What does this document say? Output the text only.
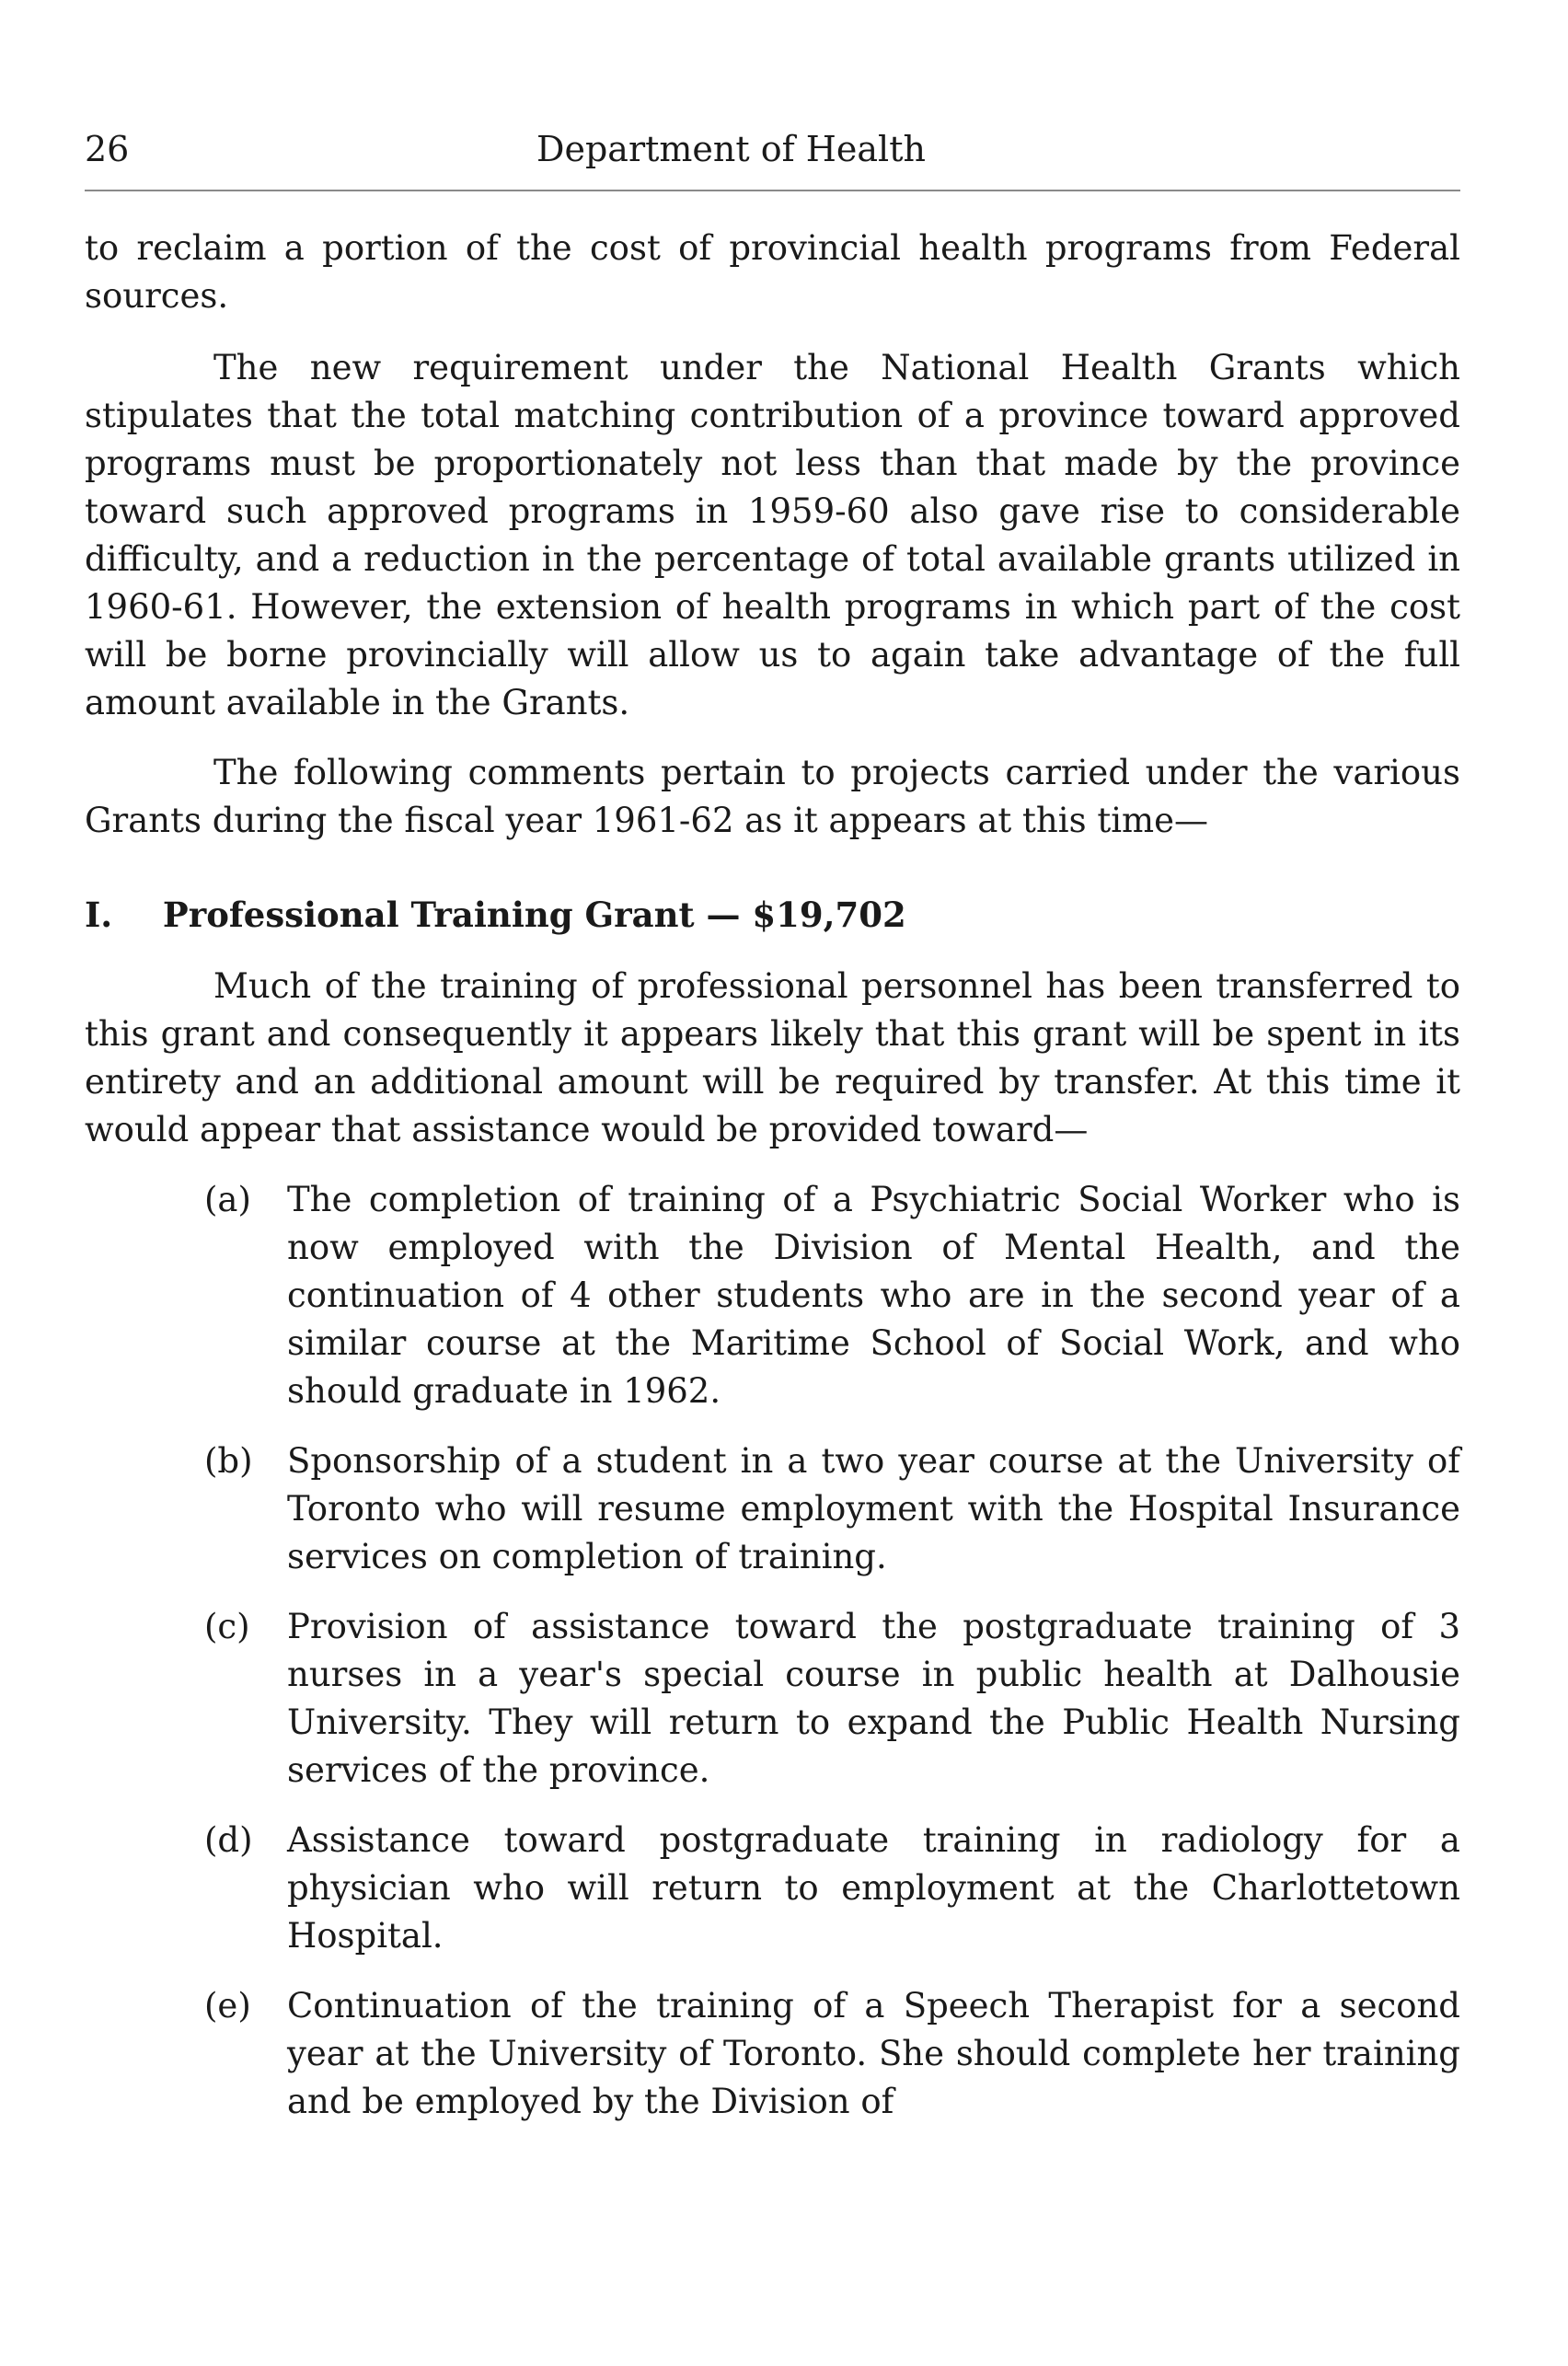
26	Department of Health

to reclaim a portion of the cost of provincial health programs from Federal sources.

The new requirement under the National Health Grants which stipulates that the total matching contribution of a province toward approved programs must be proportionately not less than that made by the province toward such approved programs in 1959-60 also gave rise to considerable difficulty, and a reduction in the percentage of total available grants utilized in 1960-61. However, the extension of health programs in which part of the cost will be borne provincially will allow us to again take advantage of the full amount available in the Grants.

The following comments pertain to projects carried under the various Grants during the fiscal year 1961-62 as it appears at this time—

I. Professional Training Grant — $19,702

Much of the training of professional personnel has been transferred to this grant and consequently it appears likely that this grant will be spent in its entirety and an additional amount will be required by transfer. At this time it would appear that assistance would be provided toward—

(a)	The completion of training of a Psychiatric Social Worker who is now employed with the Division of Mental Health, and the continuation of 4 other students who are in the second year of a similar course at the Maritime School of Social Work, and who should graduate in 1962.
(b)	Sponsorship of a student in a two year course at the University of Toronto who will resume employment with the Hospital Insurance services on completion of training.
(c)	Provision of assistance toward the postgraduate training of 3 nurses in a year's special course in public health at Dalhousie University. They will return to expand the Public Health Nursing services of the province.
(d)	Assistance toward postgraduate training in radiology for a physician who will return to employment at the Charlottetown Hospital.
(e)	Continuation of the training of a Speech Therapist for a second year at the University of Toronto. She should complete her training and be employed by the Division of
